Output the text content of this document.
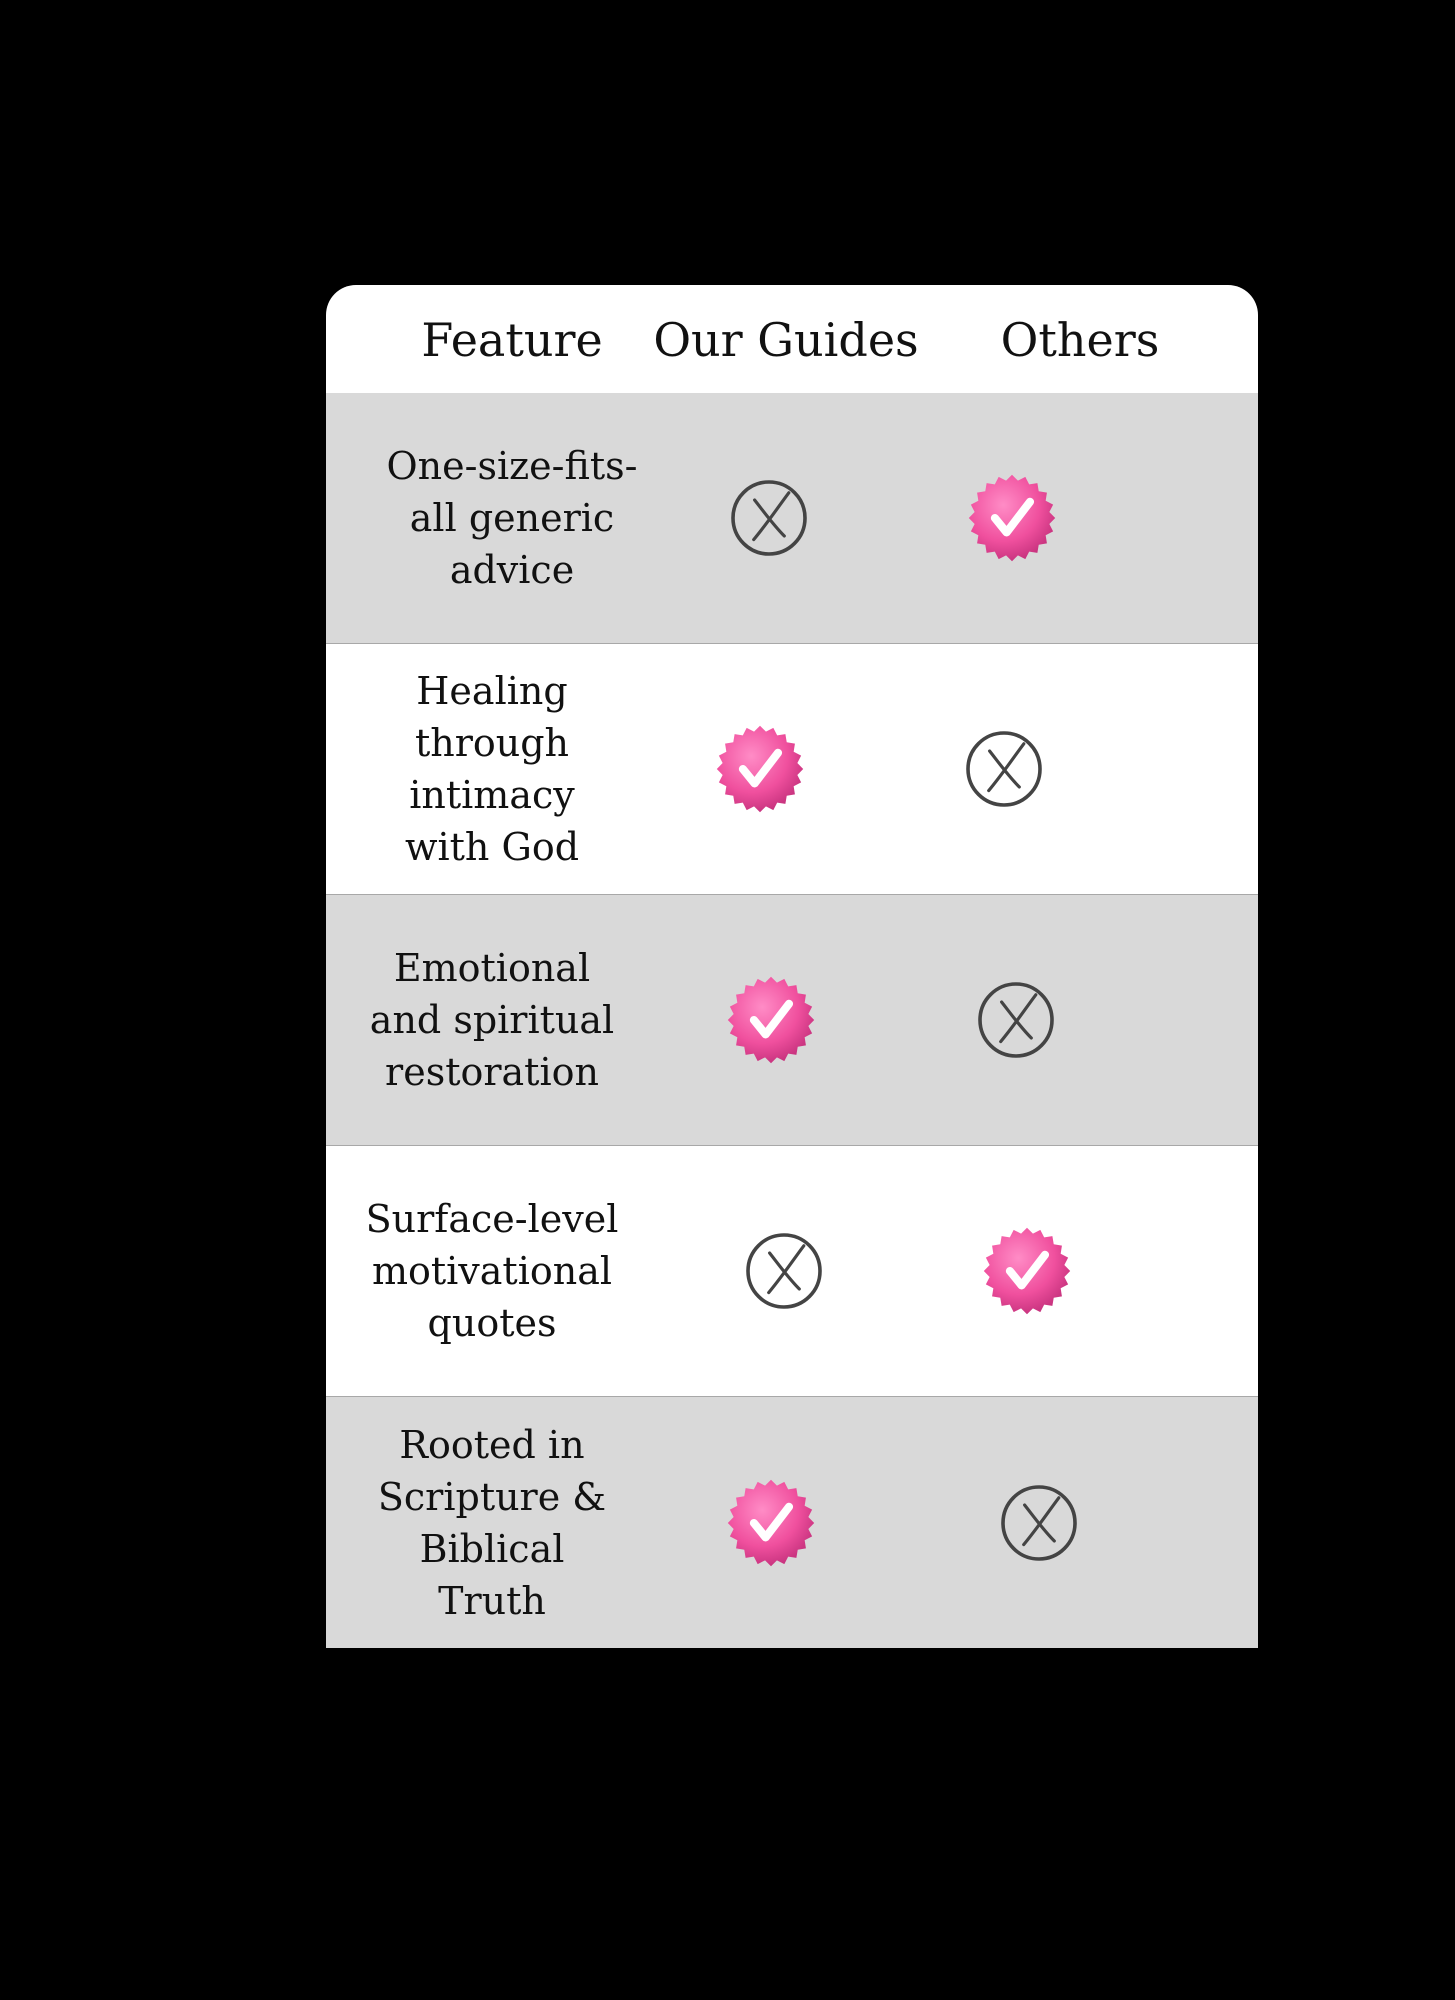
Feature Our Guides Others
One-size-fits-all generic advice
Healing through intimacy with God
Emotional and spiritual restoration
Surface-level motivational quotes
Rooted in Scripture & Biblical Truth
